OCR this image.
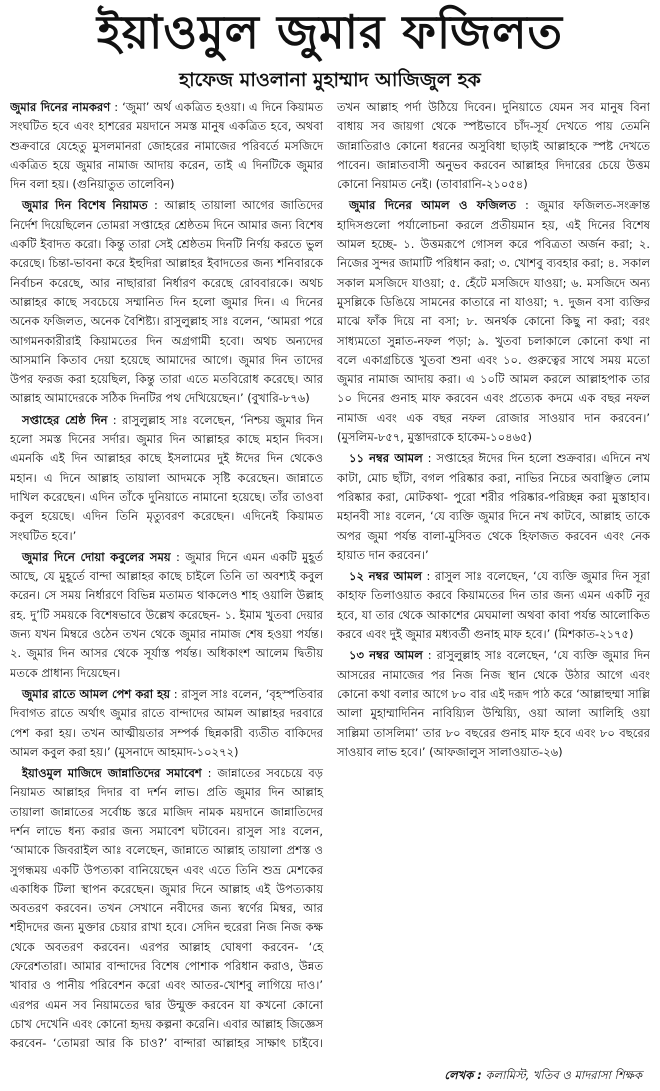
ইয়াওমুল জুমার ফজিলত
হাফেজ মাওলানা মুহাম্মাদ আজিজুল হক

জুমার দিনের নামকরণ : ‘জুমা’ অর্থ একত্রিত হওয়া। এ দিনে কিয়ামত সংঘটিত হবে এবং হাশরের ময়দানে সমস্ত মানুষ একত্রিত হবে, অথবা শুক্রবারে যেহেতু মুসলমানরা জোহরের নামাজের পরিবর্তে মসজিদে একত্রিত হয়ে জুমার নামাজ আদায় করেন, তাই এ দিনটিকে জুমার দিন বলা হয়। (গুনিয়াতুত তালেবিন)

জুমার দিন বিশেষ নিয়ামত : আল্লাহ তায়ালা আগের জাতিদের নির্দেশ দিয়েছিলেন তোমরা সপ্তাহের শ্রেষ্ঠতম দিনে আমার জন্য বিশেষ একটি ইবাদত করো। কিন্তু তারা সেই শ্রেষ্ঠতম দিনটি নির্ণয় করতে ভুল করেছে। চিন্তা-ভাবনা করে ইহুদিরা আল্লাহর ইবাদতের জন্য শনিবারকে নির্বাচন করেছে, আর নাছারারা নির্ধারণ করেছে রোববারকে। অথচ আল্লাহর কাছে সবচেয়ে সম্মানিত দিন হলো জুমার দিন। এ দিনের অনেক ফজিলত, অনেক বৈশিষ্ট্য। রাসুলুল্লাহ সাঃ বলেন, ‘আমরা পরে আগমনকারীরাই কিয়ামতের দিন অগ্রগামী হবো। অথচ অন্যদের আসমানি কিতাব দেয়া হয়েছে আমাদের আগে। জুমার দিন তাদের উপর ফরজ করা হয়েছিল, কিন্তু তারা এতে মতবিরোধ করেছে। আর আল্লাহ আমাদেরকে সঠিক দিনটির পথ দেখিয়েছেন।’ (বুখারি-৮৭৬)

সপ্তাহের শ্রেষ্ঠ দিন : রাসুলুল্লাহ সাঃ বলেছেন, ‘নিশ্চয় জুমার দিন হলো সমস্ত দিনের সর্দার। জুমার দিন আল্লাহর কাছে মহান দিবস। এমনকি এই দিন আল্লাহর কাছে ইসলামের দুই ঈদের দিন থেকেও মহান। এ দিনে আল্লাহ তায়ালা আদমকে সৃষ্টি করেছেন। জান্নাতে দাখিল করেছেন। এদিন তাঁকে দুনিয়াতে নামানো হয়েছে। তাঁর তাওবা কবুল হয়েছে। এদিন তিনি মৃত্যুবরণ করেছেন। এদিনেই কিয়ামত সংঘটিত হবে।’

জুমার দিনে দোয়া কবুলের সময় : জুমার দিনে এমন একটি মুহূর্ত আছে, যে মুহূর্তে বান্দা আল্লাহর কাছে চাইলে তিনি তা অবশ্যই কবুল করেন। সে সময় নির্ধারণে বিভিন্ন মতামত থাকলেও শাহ ওয়ালি উল্লাহ রহ. দু’টি সময়কে বিশেষভাবে উল্লেখ করেছেন- ১. ইমাম খুতবা দেয়ার জন্য যখন মিম্বরে ওঠেন তখন থেকে জুমার নামাজ শেষ হওয়া পর্যন্ত। ২. জুমার দিন আসর থেকে সূর্যাস্ত পর্যন্ত। অধিকাংশ আলেম দ্বিতীয় মতকে প্রাধান্য দিয়েছেন।

জুমার রাতে আমল পেশ করা হয় : রাসুল সাঃ বলেন, ‘বৃহস্পতিবার দিবাগত রাতে অর্থাৎ জুমার রাতে বান্দাদের আমল আল্লাহর দরবারে পেশ করা হয়। তখন আত্মীয়তার সম্পর্ক ছিন্নকারী ব্যতীত বাকিদের আমল কবুল করা হয়।’ (মুসনাদে আহমাদ-১০২৭২)

ইয়াওমুল মাজিদে জান্নাতিদের সমাবেশ : জান্নাতের সবচেয়ে বড় নিয়ামত আল্লাহর দিদার বা দর্শন লাভ। প্রতি জুমার দিন আল্লাহ তায়ালা জান্নাতের সর্বোচ্চ স্তরে মাজিদ নামক ময়দানে জান্নাতিদের দর্শন লাভে ধন্য করার জন্য সমাবেশ ঘটাবেন। রাসুল সাঃ বলেন, ‘আমাকে জিবরাইল আঃ বলেছেন, জান্নাতে আল্লাহ তায়ালা প্রশস্ত ও সুগন্ধময় একটি উপত্যকা বানিয়েছেন এবং এতে তিনি শুভ্র মেশকের একাধিক টিলা স্থাপন করেছেন। জুমার দিনে আল্লাহ এই উপত্যকায় অবতরণ করবেন। তখন সেখানে নবীদের জন্য স্বর্ণের মিম্বর, আর শহীদদের জন্য মুক্তার চেয়ার রাখা হবে। সেদিন হুরেরা নিজ নিজ কক্ষ থেকে অবতরণ করবেন। এরপর আল্লাহ ঘোষণা করবেন- ‘হে ফেরেশতারা। আমার বান্দাদের বিশেষ পোশাক পরিধান করাও, উন্নত খাবার ও পানীয় পরিবেশন করো এবং আতর-খোশবু লাগিয়ে দাও।’ এরপর এমন সব নিয়ামতের দ্বার উন্মুক্ত করবেন যা কখনো কোনো চোখ দেখেনি এবং কোনো হৃদয় কল্পনা করেনি। এবার আল্লাহ জিজ্ঞেস করবেন- ‘তোমরা আর কি চাও?’ বান্দারা আল্লাহর সাক্ষাৎ চাইবে। তখন আল্লাহ পর্দা উঠিয়ে দিবেন। দুনিয়াতে যেমন সব মানুষ বিনা বাধায় সব জায়গা থেকে স্পষ্টভাবে চাঁদ-সূর্য দেখতে পায় তেমনি জান্নাতিরাও কোনো ধরনের অসুবিধা ছাড়াই আল্লাহকে স্পষ্ট দেখতে পাবেন। জান্নাতবাসী অনুভব করবেন আল্লাহর দিদারের চেয়ে উত্তম কোনো নিয়ামত নেই। (তাবারানি-২১০৫৪)

জুমার দিনের আমল ও ফজিলত : জুমার ফজিলত-সংক্রান্ত হাদিসগুলো পর্যালোচনা করলে প্রতীয়মান হয়, এই দিনের বিশেষ আমল হচ্ছে- ১. উত্তমরূপে গোসল করে পবিত্রতা অর্জন করা; ২. নিজের সুন্দর জামাটি পরিধান করা; ৩. খোশবু ব্যবহার করা; ৪. সকাল সকাল মসজিদে যাওয়া; ৫. হেঁটে মসজিদে যাওয়া; ৬. মসজিদে অন্য মুসল্লিকে ডিঙিয়ে সামনের কাতারে না যাওয়া; ৭. দুজন বসা ব্যক্তির মাঝে ফাঁক দিয়ে না বসা; ৮. অনর্থক কোনো কিছু না করা; বরং সাধ্যমতো সুন্নাত-নফল পড়া; ৯. খুতবা চলাকালে কোনো কথা না বলে একাগ্রচিত্তে খুতবা শুনা এবং ১০. গুরুত্বের সাথে সময় মতো জুমার নামাজ আদায় করা। এ ১০টি আমল করলে আল্লাহপাক তার ১০ দিনের গুনাহ মাফ করবেন এবং প্রত্যেক কদমে এক বছর নফল নামাজ এবং এক বছর নফল রোজার সাওয়াব দান করবেন।’ (মুসলিম-৮৫৭, মুস্তাদরাকে হাকেম-১০৪৬৫)

১১ নম্বর আমল : সপ্তাহের ঈদের দিন হলো শুক্রবার। এদিনে নখ কাটা, মোচ ছাঁটা, বগল পরিষ্কার করা, নাভির নিচের অবাঞ্ছিত লোম পরিষ্কার করা, মোটকথা- পুরো শরীর পরিষ্কার-পরিচ্ছন্ন করা মুস্তাহাব। মহানবী সাঃ বলেন, ‘যে ব্যক্তি জুমার দিনে নখ কাটবে, আল্লাহ তাকে অপর জুমা পর্যন্ত বালা-মুসিবত থেকে হিফাজত করবেন এবং নেক হায়াত দান করবেন।’

১২ নম্বর আমল : রাসুল সাঃ বলেছেন, ‘যে ব্যক্তি জুমার দিন সূরা কাহাফ তিলাওয়াত করবে কিয়ামতের দিন তার জন্য এমন একটি নূর হবে, যা তার থেকে আকাশের মেঘমালা অথবা কাবা পর্যন্ত আলোকিত করবে এবং দুই জুমার মধ্যবর্তী গুনাহ মাফ হবে।’ (মিশকাত-২১৭৫)

১৩ নম্বর আমল : রাসুলুল্লাহ সাঃ বলেছেন, ‘যে ব্যক্তি জুমার দিন আসরের নামাজের পর নিজ নিজ স্থান থেকে উঠার আগে এবং কোনো কথা বলার আগে ৮০ বার এই দরূদ পাঠ করে ‘আল্লাহুম্মা সাল্লি আলা মুহাম্মাদিনিন নাবিয়্যিল উম্মিয়্যি, ওয়া আলা আলিহি ওয়া সাল্লিমা তাসলিমা’ তার ৮০ বছরের গুনাহ মাফ হবে এবং ৮০ বছরের সাওয়াব লাভ হবে।’ (আফজালুস সালাওয়াত-২৬)

লেখক : কলামিস্ট, খতিব ও মাদরাসা শিক্ষক
